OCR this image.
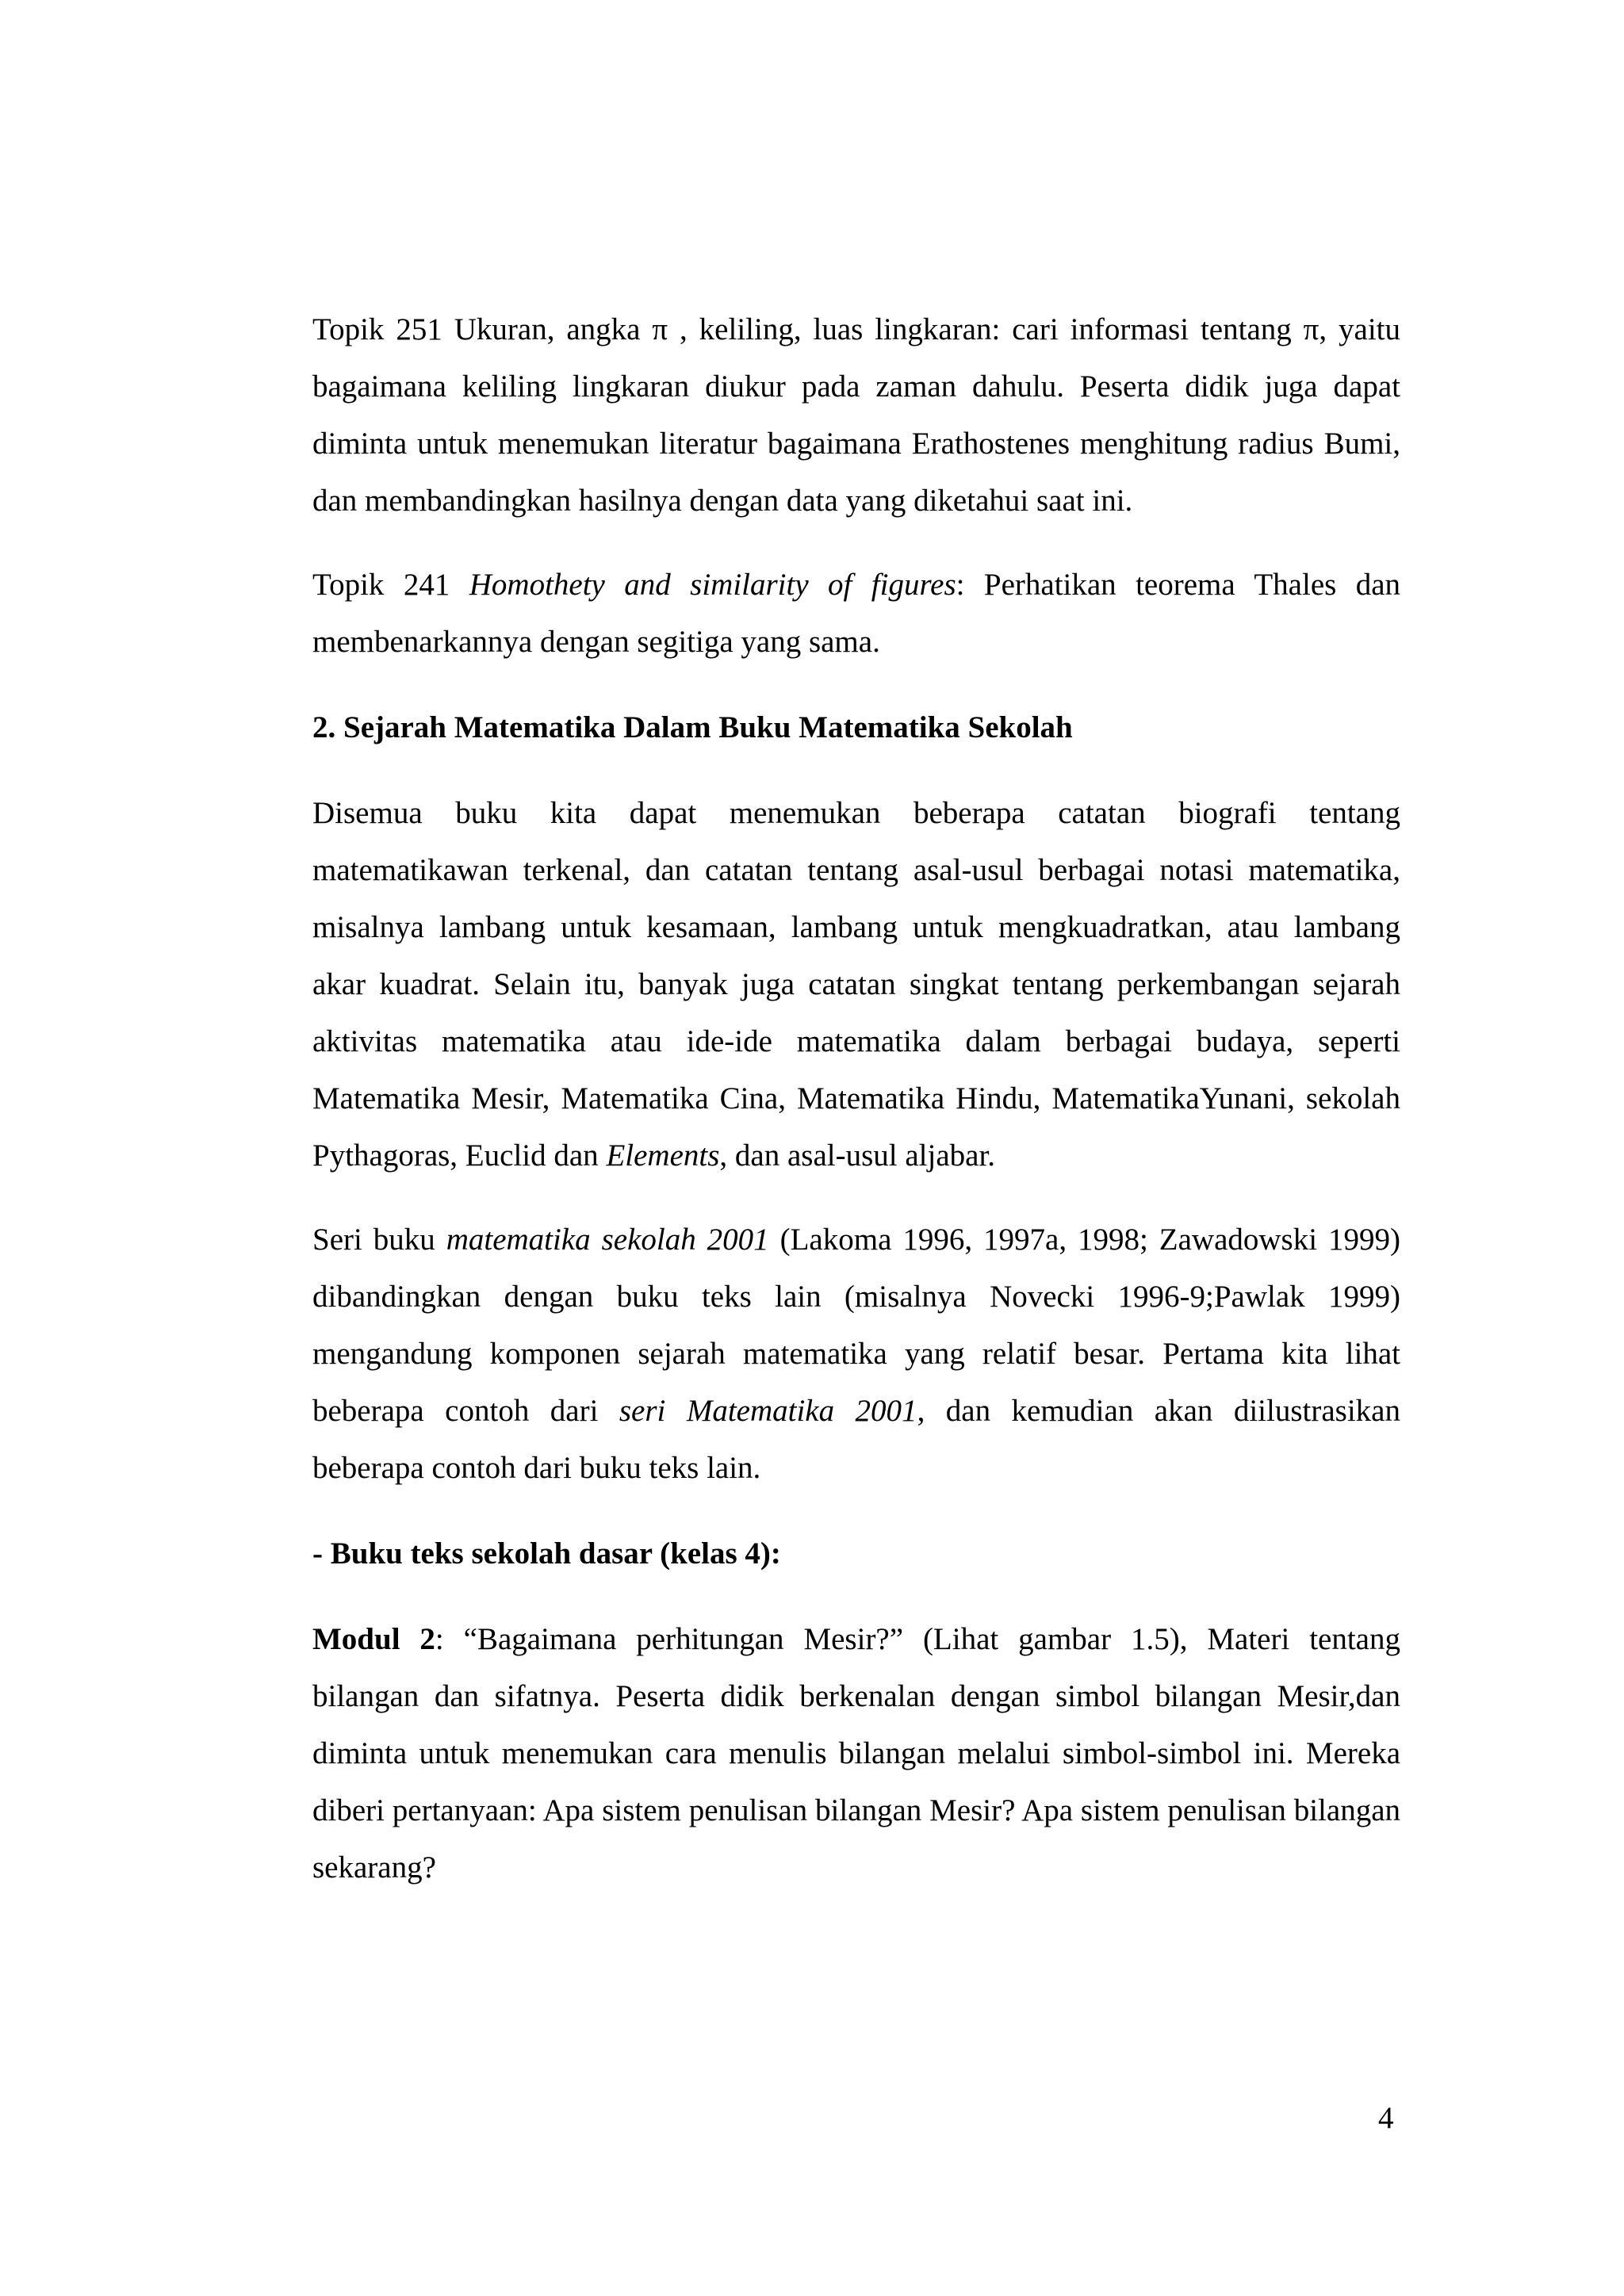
Topik 251 Ukuran, angka π , keliling, luas lingkaran: cari informasi tentang π, yaitu bagaimana keliling lingkaran diukur pada zaman dahulu. Peserta didik juga dapat diminta untuk menemukan literatur bagaimana Erathostenes menghitung radius Bumi, dan membandingkan hasilnya dengan data yang diketahui saat ini.

Topik 241 Homothety and similarity of figures: Perhatikan teorema Thales dan membenarkannya dengan segitiga yang sama.

2. Sejarah Matematika Dalam Buku Matematika Sekolah

Disemua buku kita dapat menemukan beberapa catatan biografi tentang matematikawan terkenal, dan catatan tentang asal-usul berbagai notasi matematika, misalnya lambang untuk kesamaan, lambang untuk mengkuadratkan, atau lambang akar kuadrat. Selain itu, banyak juga catatan singkat tentang perkembangan sejarah aktivitas matematika atau ide-ide matematika dalam berbagai budaya, seperti Matematika Mesir, Matematika Cina, Matematika Hindu, MatematikaYunani, sekolah Pythagoras, Euclid dan Elements, dan asal-usul aljabar.

Seri buku matematika sekolah 2001 (Lakoma 1996, 1997a, 1998; Zawadowski 1999) dibandingkan dengan buku teks lain (misalnya Novecki 1996-9;Pawlak 1999) mengandung komponen sejarah matematika yang relatif besar. Pertama kita lihat beberapa contoh dari seri Matematika 2001, dan kemudian akan diilustrasikan beberapa contoh dari buku teks lain.

- Buku teks sekolah dasar (kelas 4):

Modul 2: “Bagaimana perhitungan Mesir?” (Lihat gambar 1.5), Materi tentang bilangan dan sifatnya. Peserta didik berkenalan dengan simbol bilangan Mesir,dan diminta untuk menemukan cara menulis bilangan melalui simbol-simbol ini. Mereka diberi pertanyaan: Apa sistem penulisan bilangan Mesir? Apa sistem penulisan bilangan sekarang?

4
